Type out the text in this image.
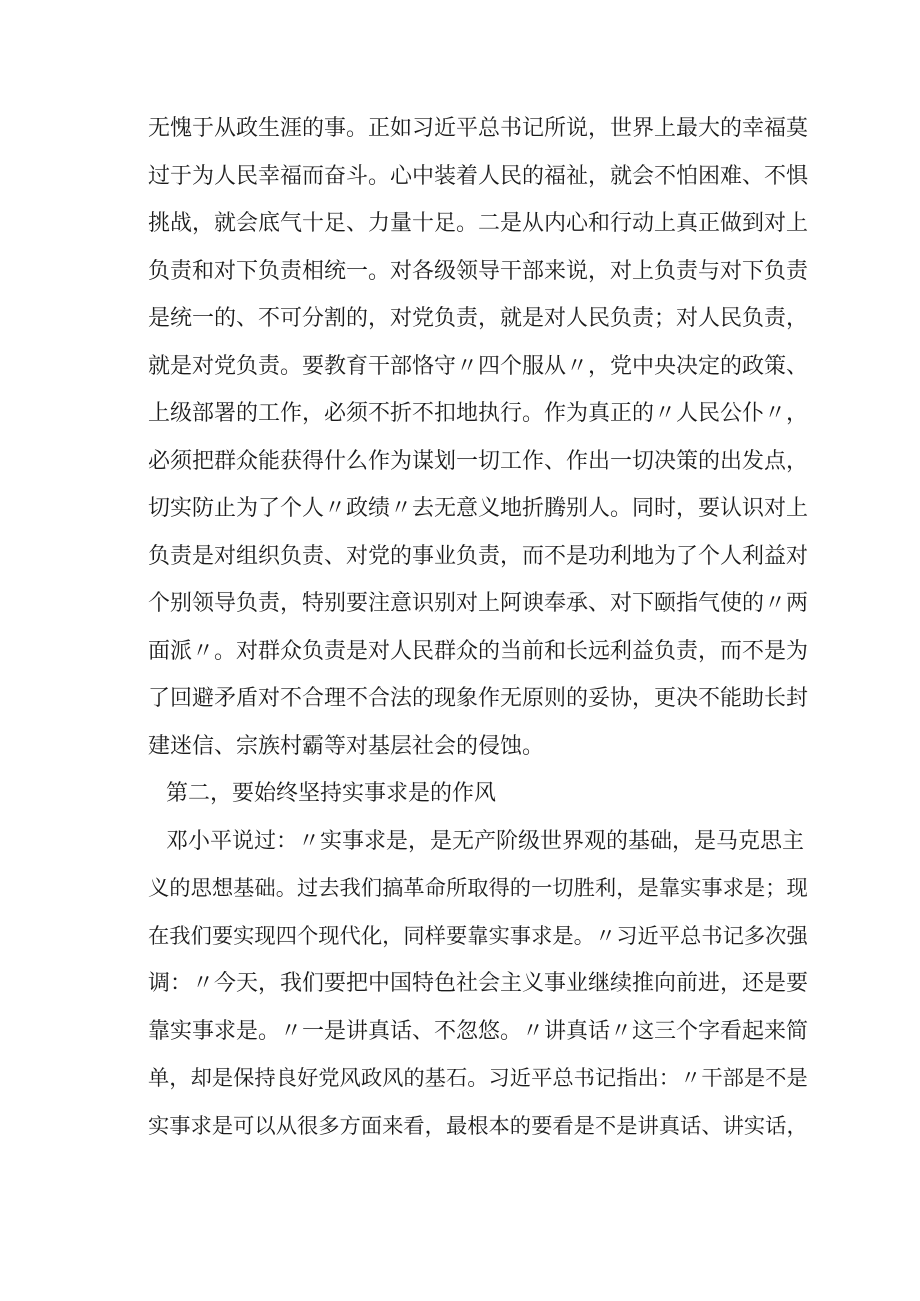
无愧于从政生涯的事。正如习近平总书记所说，世界上最大的幸福莫
过于为人民幸福而奋斗。心中装着人民的福祉，就会不怕困难、不惧
挑战，就会底气十足、力量十足。二是从内心和行动上真正做到对上
负责和对下负责相统一。对各级领导干部来说，对上负责与对下负责
是统一的、不可分割的，对党负责，就是对人民负责；对人民负责，
就是对党负责。要教育干部恪守〃四个服从〃，党中央决定的政策、
上级部署的工作，必须不折不扣地执行。作为真正的〃人民公仆〃，
必须把群众能获得什么作为谋划一切工作、作出一切决策的出发点，
切实防止为了个人〃政绩〃去无意义地折腾别人。同时，要认识对上
负责是对组织负责、对党的事业负责，而不是功利地为了个人利益对
个别领导负责，特别要注意识别对上阿谀奉承、对下颐指气使的〃两
面派〃。对群众负责是对人民群众的当前和长远利益负责，而不是为
了回避矛盾对不合理不合法的现象作无原则的妥协，更决不能助长封
建迷信、宗族村霸等对基层社会的侵蚀。
第二，要始终坚持实事求是的作风
邓小平说过：〃实事求是，是无产阶级世界观的基础，是马克思主
义的思想基础。过去我们搞革命所取得的一切胜利，是靠实事求是；现
在我们要实现四个现代化，同样要靠实事求是。〃习近平总书记多次强
调：〃今天，我们要把中国特色社会主义事业继续推向前进，还是要
靠实事求是。〃一是讲真话、不忽悠。〃讲真话〃这三个字看起来简
单，却是保持良好党风政风的基石。习近平总书记指出：〃干部是不是
实事求是可以从很多方面来看，最根本的要看是不是讲真话、讲实话，
